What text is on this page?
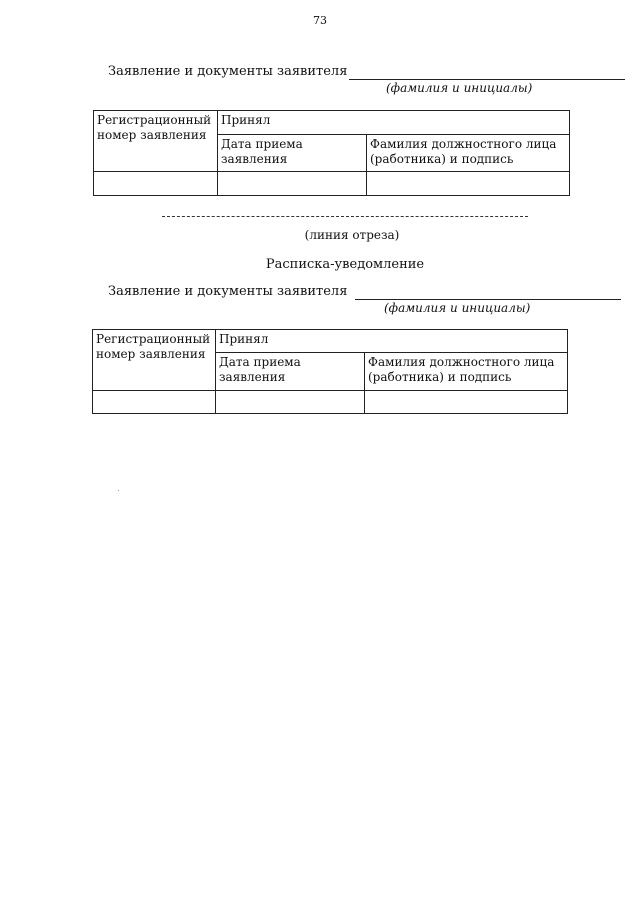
73
Заявление и документы заявителя
(фамилия и инициалы)
Регистрационный номер заявления	Принял	
	Дата приема заявления	Фамилия должностного лица (работника) и подпись

(линия отреза)
Расписка-уведомление
Заявление и документы заявителя
(фамилия и инициалы)
Регистрационный номер заявления	Принял	
	Дата приема заявления	Фамилия должностного лица (работника) и подпись
